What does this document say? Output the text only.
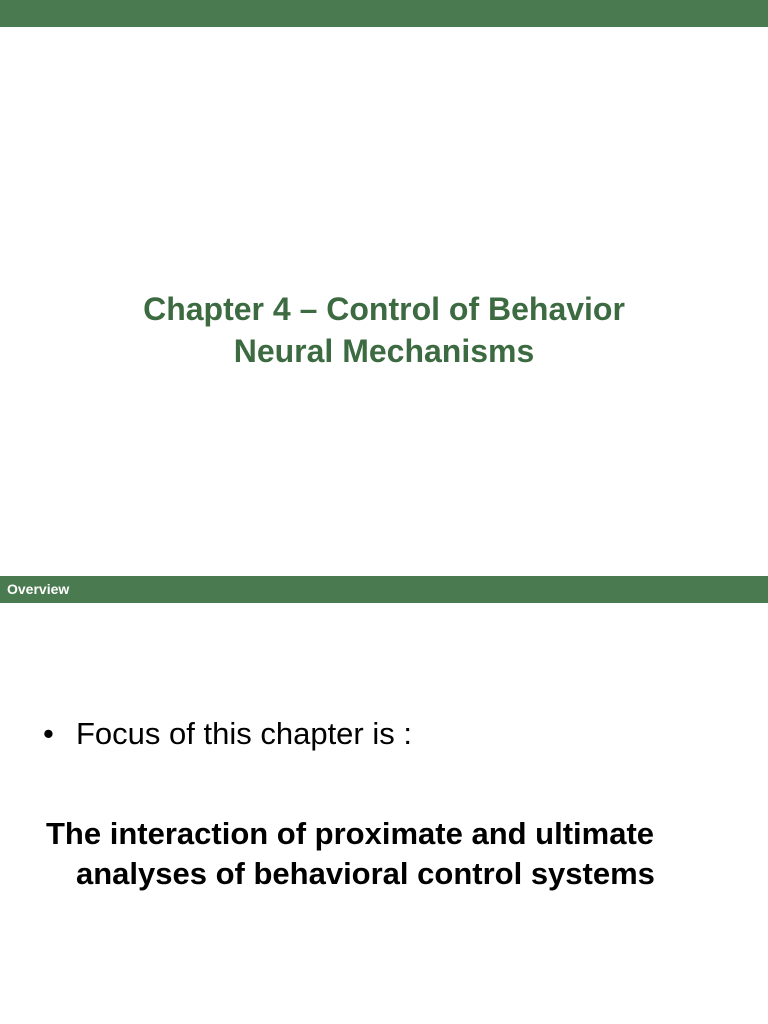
Chapter 4 – Control of Behavior
Neural Mechanisms
Overview
• Focus of this chapter is :
The interaction of proximate and ultimate
analyses of behavioral control systems
